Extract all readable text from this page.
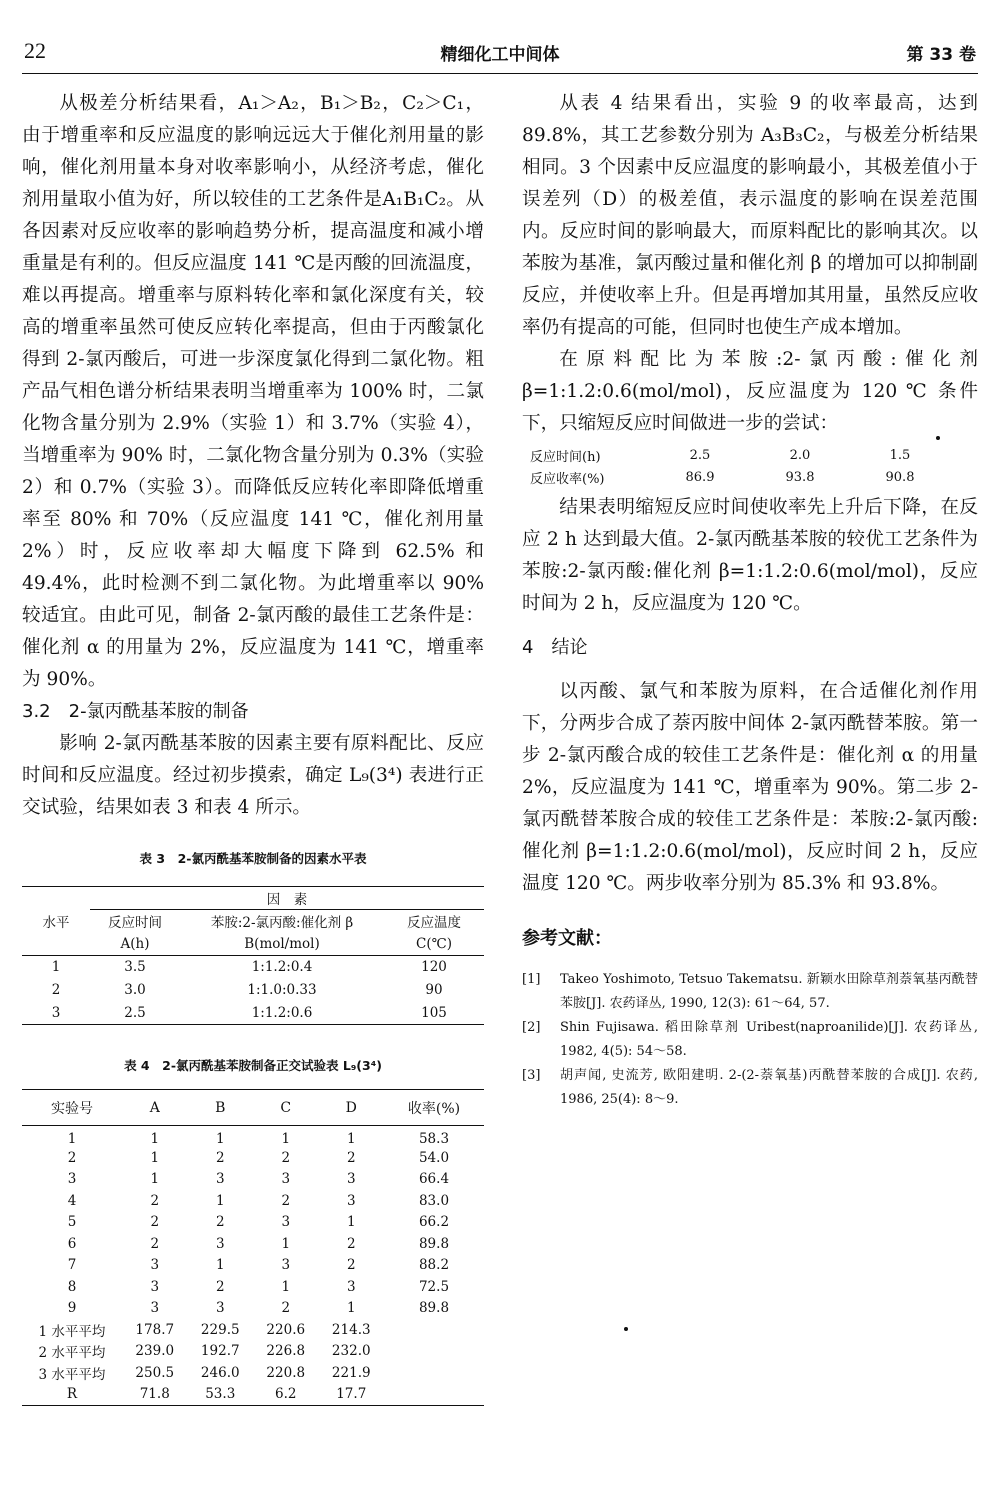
22	精细化工中间体	第 33 卷

从极差分析结果看，A₁＞A₂，B₁＞B₂，C₂＞C₁，由于增重率和反应温度的影响远远大于催化剂用量的影响，催化剂用量本身对收率影响小，从经济考虑，催化剂用量取小值为好，所以较佳的工艺条件是A₁B₁C₂。从各因素对反应收率的影响趋势分析，提高温度和减小增重量是有利的。但反应温度 141 ℃是丙酸的回流温度，难以再提高。增重率与原料转化率和氯化深度有关，较高的增重率虽然可使反应转化率提高，但由于丙酸氯化得到 2-氯丙酸后，可进一步深度氯化得到二氯化物。粗产品气相色谱分析结果表明当增重率为 100% 时，二氯化物含量分别为 2.9%（实验 1）和 3.7%（实验 4），当增重率为 90% 时，二氯化物含量分别为 0.3%（实验 2）和 0.7%（实验 3）。而降低反应转化率即降低增重率至 80% 和 70%（反应温度 141 ℃，催化剂用量 2%）时，反应收率却大幅度下降到 62.5% 和 49.4%，此时检测不到二氯化物。为此增重率以 90% 较适宜。由此可见，制备 2-氯丙酸的最佳工艺条件是：催化剂 α 的用量为 2%，反应温度为 141 ℃，增重率为 90%。

3.2　2-氯丙酰基苯胺的制备

影响 2-氯丙酰基苯胺的因素主要有原料配比、反应时间和反应温度。经过初步摸索，确定 L₉(3⁴) 表进行正交试验，结果如表 3 和表 4 所示。

表 3　2-氯丙酰基苯胺制备的因素水平表
水平	因　素		
	反应时间	苯胺:2-氯丙酸:催化剂 β	反应温度
	A(h)	B(mol/mol)	C(℃)
1	3.5	1:1.2:0.4	120
2	3.0	1:1.0:0.33	90
3	2.5	1:1.2:0.6	105
表 4　2-氯丙酰基苯胺制备正交试验表 L₉(3⁴)
实验号	A	B	C	D	收率(%)
1	1	1	1	1	58.3
2	1	2	2	2	54.0
3	1	3	3	3	66.4
4	2	1	2	3	83.0
5	2	2	3	1	66.2
6	2	3	1	2	89.8
7	3	1	3	2	88.2
8	3	2	1	3	72.5
9	3	3	2	1	89.8
1 水平平均	178.7	229.5	220.6	214.3	
2 水平平均	239.0	192.7	226.8	232.0	
3 水平平均	250.5	246.0	220.8	221.9	
R	71.8	53.3	6.2	17.7	

从表 4 结果看出，实验 9 的收率最高，达到 89.8%，其工艺参数分别为 A₃B₃C₂，与极差分析结果相同。3 个因素中反应温度的影响最小，其极差值小于误差列（D）的极差值，表示温度的影响在误差范围内。反应时间的影响最大，而原料配比的影响其次。以苯胺为基准，氯丙酸过量和催化剂 β 的增加可以抑制副反应，并使收率上升。但是再增加其用量，虽然反应收率仍有提高的可能，但同时也使生产成本增加。

在原料配比为苯胺:2-氯丙酸:催化剂 β=1:1.2:0.6(mol/mol)，反应温度为 120 ℃ 条件下，只缩短反应时间做进一步的尝试：

反应时间(h)	2.5	2.0	1.5
反应收率(%)	86.9	93.8	90.8

结果表明缩短反应时间使收率先上升后下降，在反应 2 h 达到最大值。2-氯丙酰基苯胺的较优工艺条件为苯胺:2-氯丙酸:催化剂 β=1:1.2:0.6(mol/mol)，反应时间为 2 h，反应温度为 120 ℃。

4　结论

以丙酸、氯气和苯胺为原料，在合适催化剂作用下，分两步合成了萘丙胺中间体 2-氯丙酰替苯胺。第一步 2-氯丙酸合成的较佳工艺条件是：催化剂 α 的用量 2%，反应温度为 141 ℃，增重率为 90%。第二步 2-氯丙酰替苯胺合成的较佳工艺条件是：苯胺:2-氯丙酸:催化剂 β=1:1.2:0.6(mol/mol)，反应时间 2 h，反应温度 120 ℃。两步收率分别为 85.3% 和 93.8%。

参考文献：
[1]	Takeo Yoshimoto, Tetsuo Takematsu. 新颖水田除草剂萘氧基丙酰替苯胺[J]. 农药译丛, 1990, 12(3): 61～64, 57.
[2]	Shin Fujisawa. 稻田除草剂 Uribest(naproanilide)[J]. 农药译丛, 1982, 4(5): 54～58.
[3]	胡声闻, 史流芳, 欧阳建明. 2-(2-萘氧基)丙酰替苯胺的合成[J]. 农药, 1986, 25(4): 8～9.
